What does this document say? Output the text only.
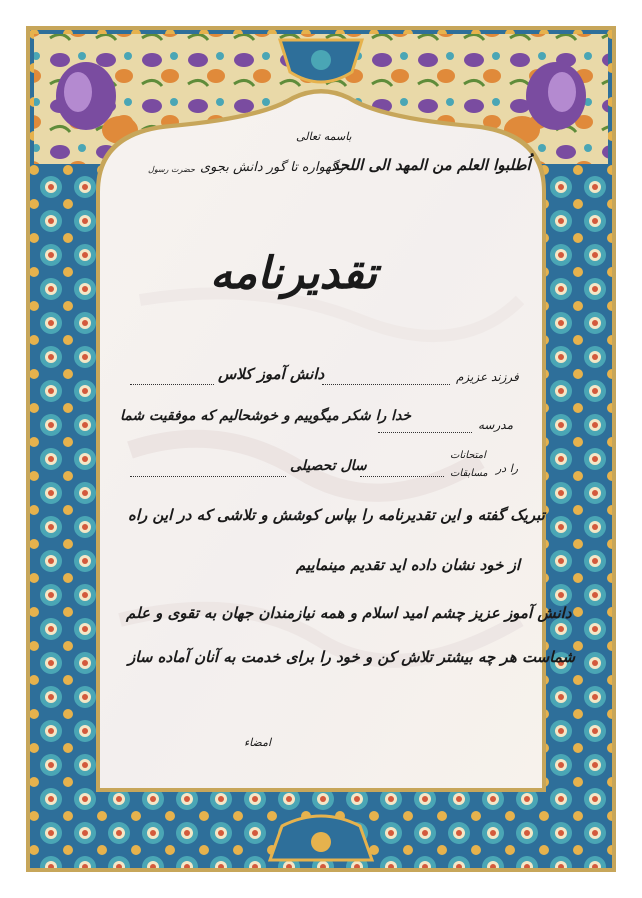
باسمه تعالی
اُطلبوا العلم من المهد الی اللحد
زگهواره تا گور دانش بجوی
حضرت رسول
تقدیرنامه
فرزند عزیزم
دانش آموز کلاس
مدرسه
خدا را شکر میگوییم و خوشحالیم که موفقیت شما
را در
امتحانات
مسابقات
سال تحصیلی
تبریک گفته و این تقدیرنامه را بپاس کوشش و تلاشی که در این راه
از خود نشان داده اید تقدیم مینماییم
دانش آموز عزیز چشم امید اسلام و همه نیازمندان جهان به تقوی و علم
شماست هر چه بیشتر تلاش کن و خود را برای خدمت به آنان آماده ساز
امضاء
